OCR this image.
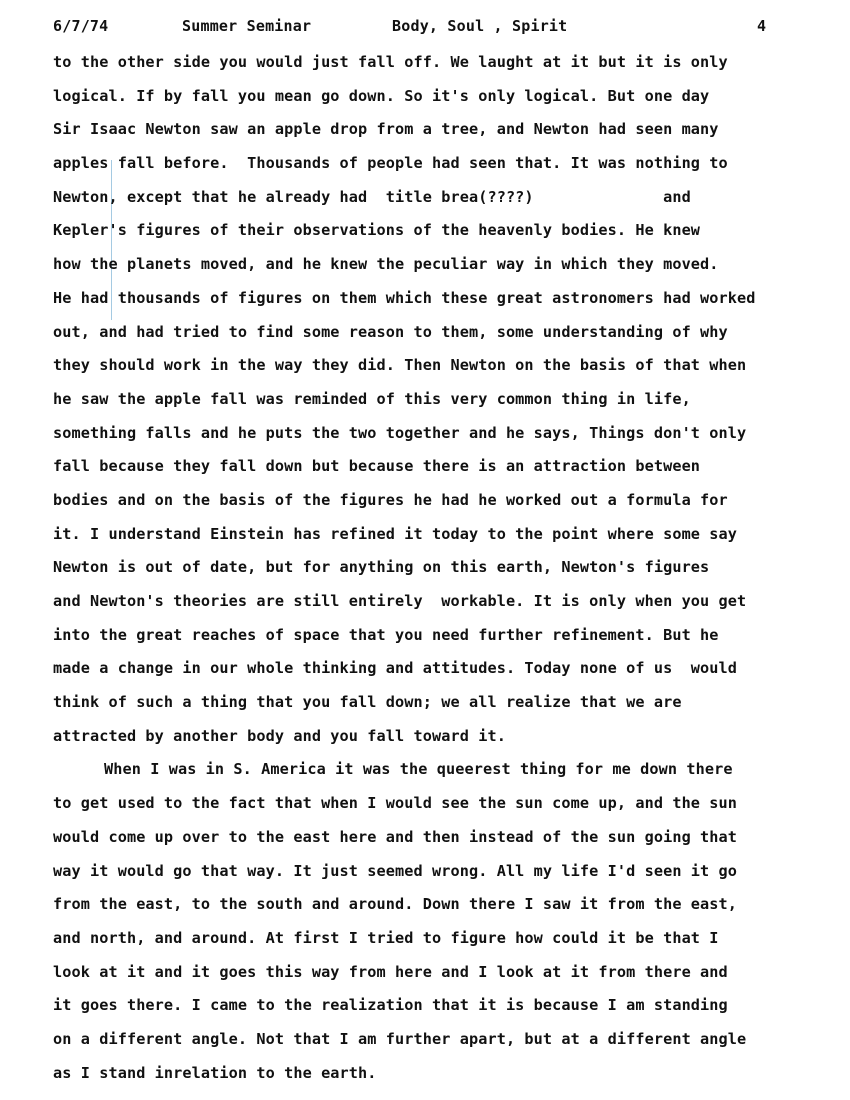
6/7/74	Summer Seminar	Body, Soul , Spirit	4
to the other side you would just fall off. We laught at it but it is only
logical. If by fall you mean go down. So it's only logical. But one day
Sir Isaac Newton saw an apple drop from a tree, and Newton had seen many
apples fall before.  Thousands of people had seen that. It was nothing to
Newton, except that he already had  title brea(????)              and
Kepler's figures of their observations of the heavenly bodies. He knew
how the planets moved, and he knew the peculiar way in which they moved.
He had thousands of figures on them which these great astronomers had worked
out, and had tried to find some reason to them, some understanding of why
they should work in the way they did. Then Newton on the basis of that when
he saw the apple fall was reminded of this very common thing in life,
something falls and he puts the two together and he says, Things don't only
fall because they fall down but because there is an attraction between
bodies and on the basis of the figures he had he worked out a formula for
it. I understand Einstein has refined it today to the point where some say
Newton is out of date, but for anything on this earth, Newton's figures
and Newton's theories are still entirely  workable. It is only when you get
into the great reaches of space that you need further refinement. But he
made a change in our whole thinking and attitudes. Today none of us  would
think of such a thing that you fall down; we all realize that we are
attracted by another body and you fall toward it.
When I was in S. America it was the queerest thing for me down there
to get used to the fact that when I would see the sun come up, and the sun
would come up over to the east here and then instead of the sun going that
way it would go that way. It just seemed wrong. All my life I'd seen it go
from the east, to the south and around. Down there I saw it from the east,
and north, and around. At first I tried to figure how could it be that I
look at it and it goes this way from here and I look at it from there and
it goes there. I came to the realization that it is because I am standing
on a different angle. Not that I am further apart, but at a different angle
as I stand inrelation to the earth.
